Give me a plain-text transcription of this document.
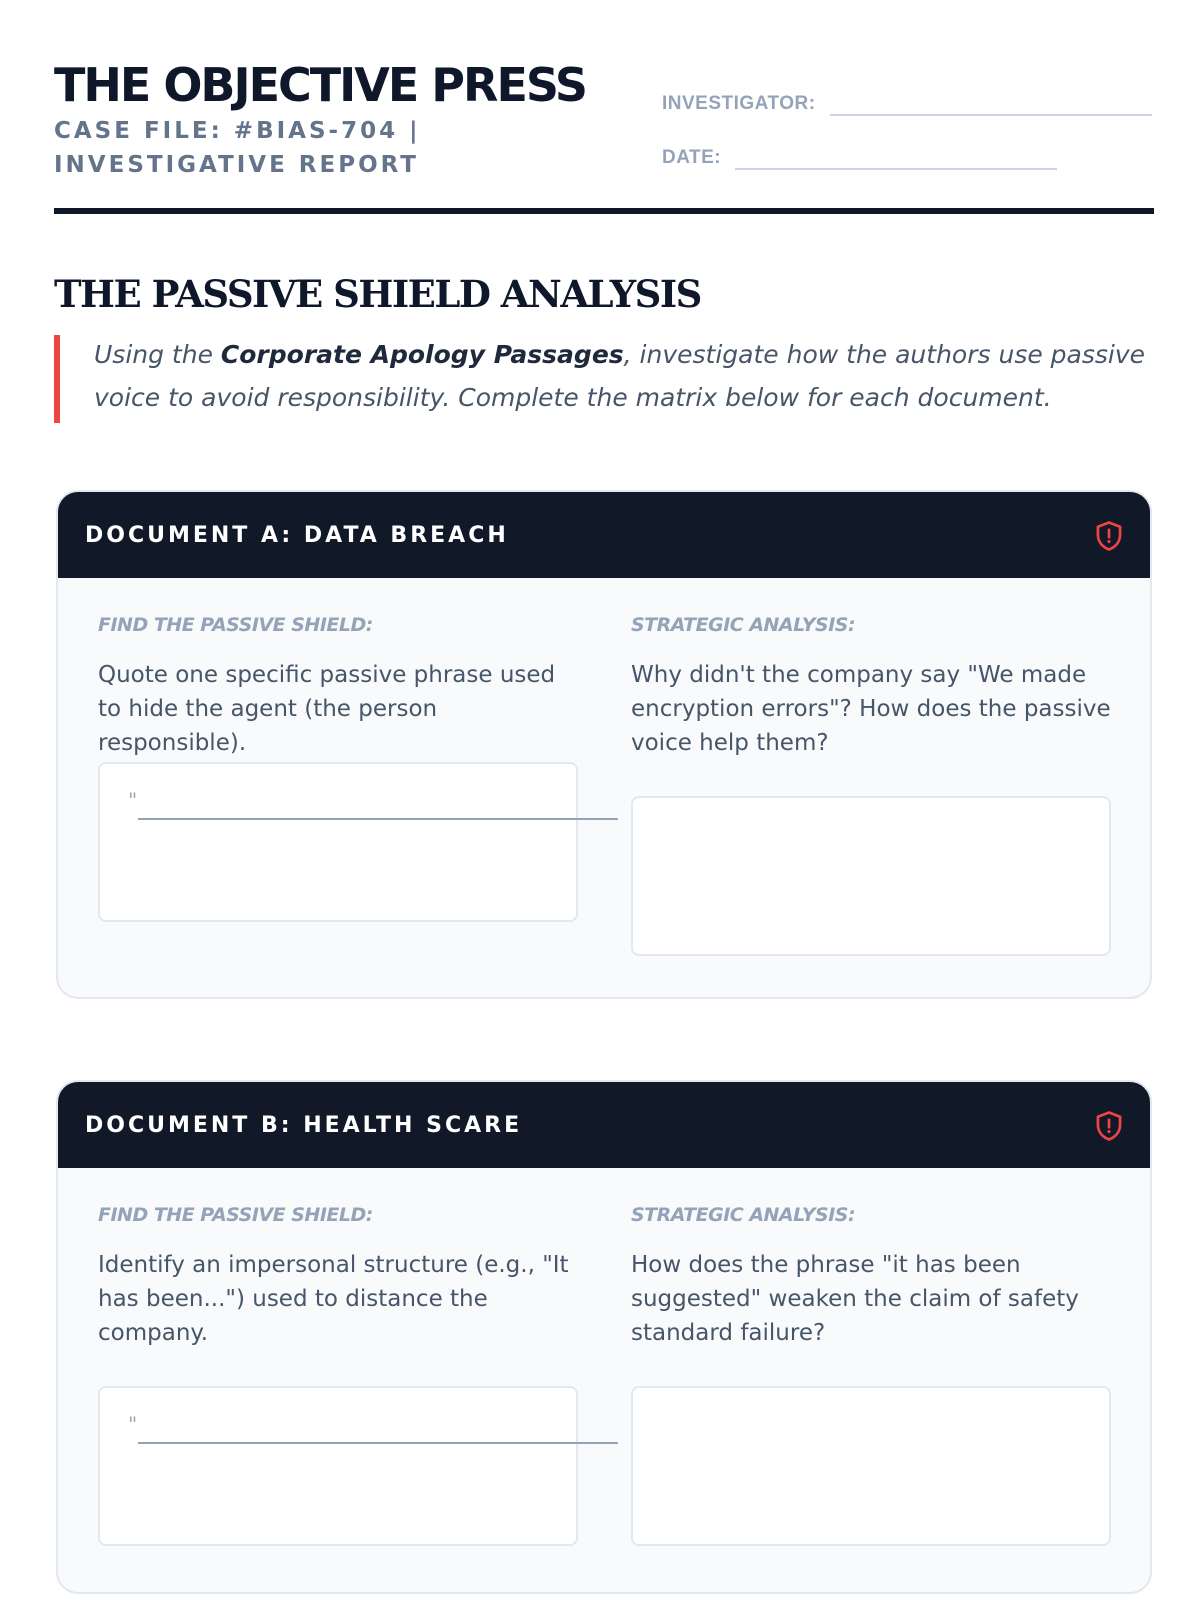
THE OBJECTIVE PRESS
CASE FILE: #BIAS-704 | INVESTIGATIVE REPORT
INVESTIGATOR:
DATE:
THE PASSIVE SHIELD ANALYSIS
Using the Corporate Apology Passages, investigate how the authors use passive voice to avoid responsibility. Complete the matrix below for each document.
DOCUMENT A: DATA BREACH
FIND THE PASSIVE SHIELD:
Quote one specific passive phrase used to hide the agent (the person responsible).
"
STRATEGIC ANALYSIS:
Why didn't the company say "We made encryption errors"? How does the passive voice help them?
DOCUMENT B: HEALTH SCARE
FIND THE PASSIVE SHIELD:
Identify an impersonal structure (e.g., "It has been...") used to distance the company.
"
STRATEGIC ANALYSIS:
How does the phrase "it has been suggested" weaken the claim of safety standard failure?
